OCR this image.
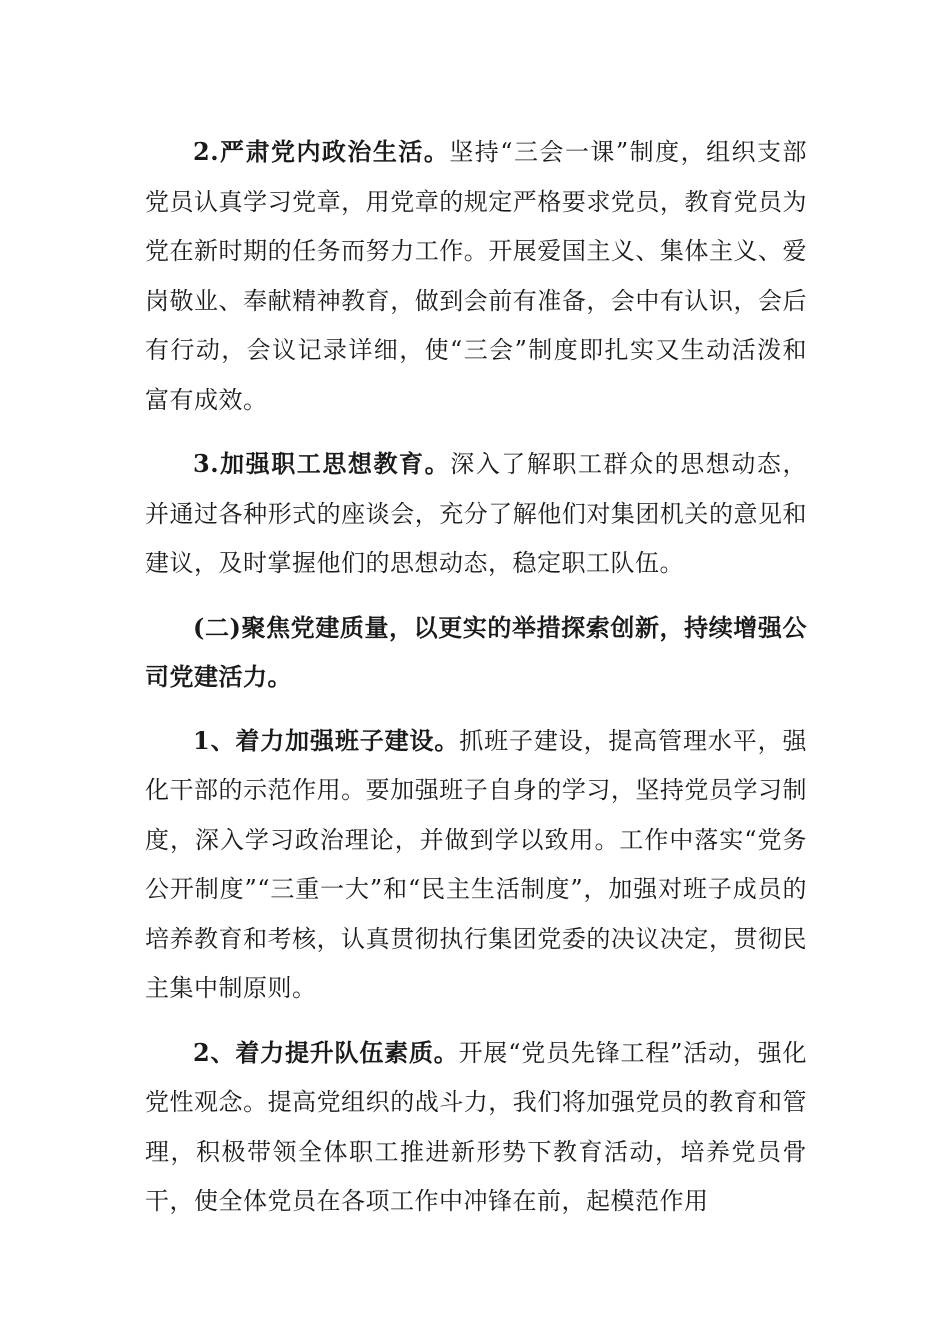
2.严肃党内政治生活。坚持“三会一课”制度，组织支部党员认真学习党章，用党章的规定严格要求党员，教育党员为党在新时期的任务而努力工作。开展爱国主义、集体主义、爱岗敬业、奉献精神教育，做到会前有准备，会中有认识，会后有行动，会议记录详细，使“三会”制度即扎实又生动活泼和富有成效。

3.加强职工思想教育。深入了解职工群众的思想动态，并通过各种形式的座谈会，充分了解他们对集团机关的意见和建议，及时掌握他们的思想动态，稳定职工队伍。

(二)聚焦党建质量，以更实的举措探索创新，持续增强公司党建活力。

1、着力加强班子建设。抓班子建设，提高管理水平，强化干部的示范作用。要加强班子自身的学习，坚持党员学习制度，深入学习政治理论，并做到学以致用。工作中落实“党务公开制度”“三重一大”和“民主生活制度”，加强对班子成员的培养教育和考核，认真贯彻执行集团党委的决议决定，贯彻民主集中制原则。

2、着力提升队伍素质。开展“党员先锋工程”活动，强化党性观念。提高党组织的战斗力，我们将加强党员的教育和管理，积极带领全体职工推进新形势下教育活动，培养党员骨干，使全体党员在各项工作中冲锋在前，起模范作用
